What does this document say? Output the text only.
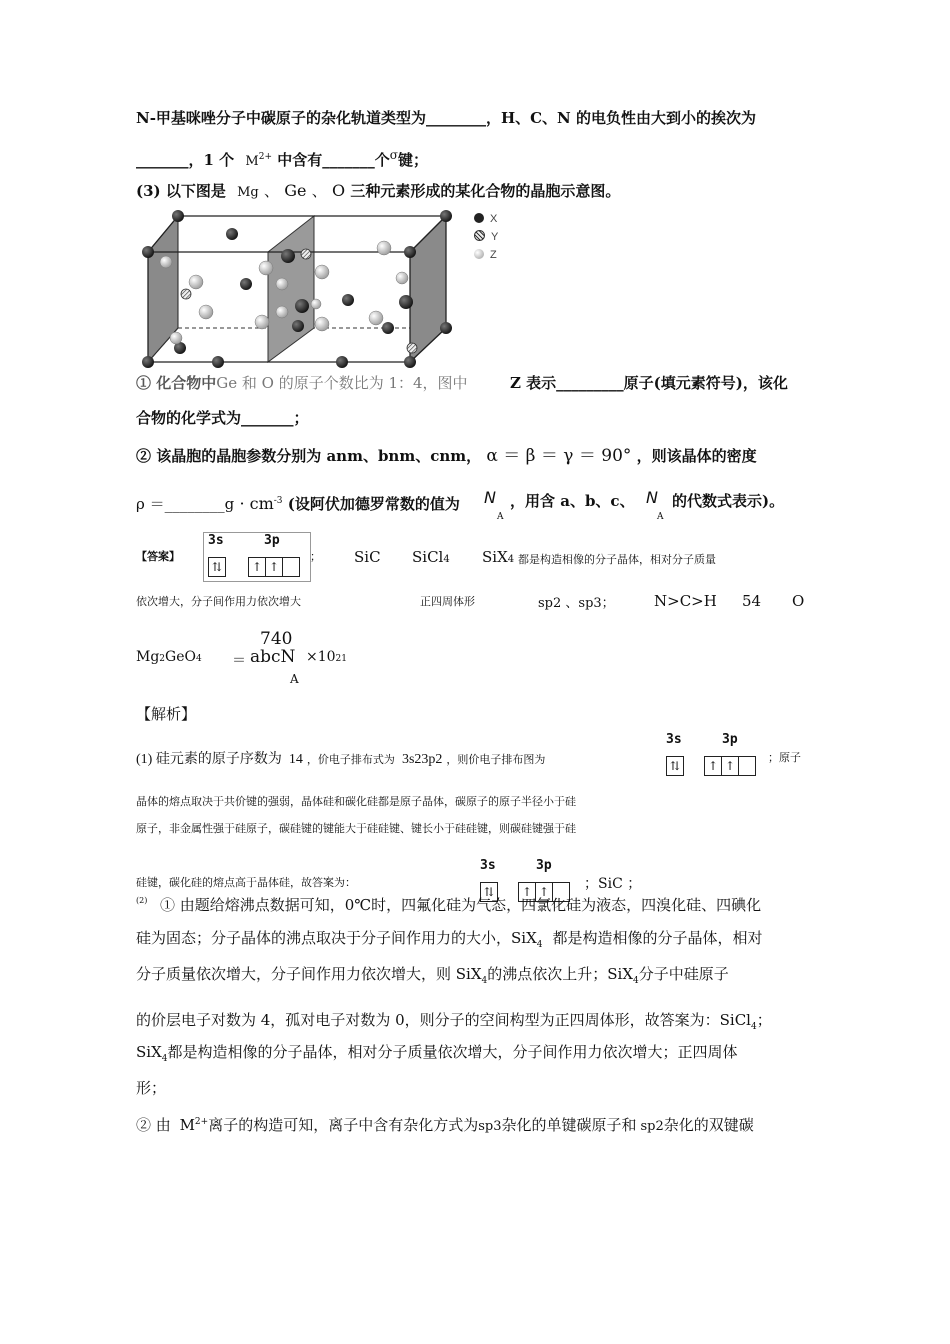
N-甲基咪唑分子中碳原子的杂化轨道类型为________，H、C、N 的电负性由大到小的挨次为
_______，1 个 $M^{2+}$ 中含有_______个$^\sigma$键；
(3) 以下图是 Mg 、 Ge 、 O 三种元素形成的某化合物的晶胞示意图。
X
Y
Z
① 化合物中Ge 和 O 的原子个数比为 1：4，图中	Z 表示_________原子(填元素符号)，该化
合物的化学式为_______；
② 该晶胞的晶胞参数分别为 anm、bnm、cnm， α ＝ β ＝ γ ＝ 90° ，则该晶体的密度
ρ ＝________g · $cm^{-3}$ (设阿伏加德罗常数的值为 N
A
，用含 a、b、c、 N
A
的代数式表示)。
【答案】
3s	3p
⇅ ↑ ↑
； SiC SiCl4 SiX4 都是构造相像的分子晶体，相对分子质量
依次增大，分子间作用力依次增大	正四周体形	sp2 、sp3；	N>C>H 54 O
Mg2GeO4
740
＝ abcN
A
×1021
【解析】
(1) 硅元素的原子序数为 14 ，价电子排布式为 3s23p2 ，则价电子排布图为
3s	3p
⇅ ↑ ↑
；原子
晶体的熔点取决于共价键的强弱，晶体硅和碳化硅都是原子晶体，碳原子的原子半径小于硅
原子，非金属性强于硅原子，碳硅键的键能大于硅硅键、键长小于硅硅键，则碳硅键强于硅
硅键，碳化硅的熔点高于晶体硅，故答案为：
3s	3p
⇅ ↑ ↑ ；SiC ；
(2) ① 由题给熔沸点数据可知，0℃时，四氟化硅为气态，四氯化硅为液态，四溴化硅、四碘化
硅为固态；分子晶体的沸点取决于分子间作用力的大小，SiX$_4$ 都是构造相像的分子晶体，相对
分子质量依次增大，分子间作用力依次增大，则 SiX$_4$的沸点依次上升；SiX$_4$分子中硅原子
的价层电子对数为 4，孤对电子对数为 0，则分子的空间构型为正四周体形，故答案为：SiCl$_4$；
SiX$_4$都是构造相像的分子晶体，相对分子质量依次增大，分子间作用力依次增大；正四周体
形；
② 由 $M^{2+}$离子的构造可知，离子中含有杂化方式为sp3杂化的单键碳原子和 sp2杂化的双键碳
